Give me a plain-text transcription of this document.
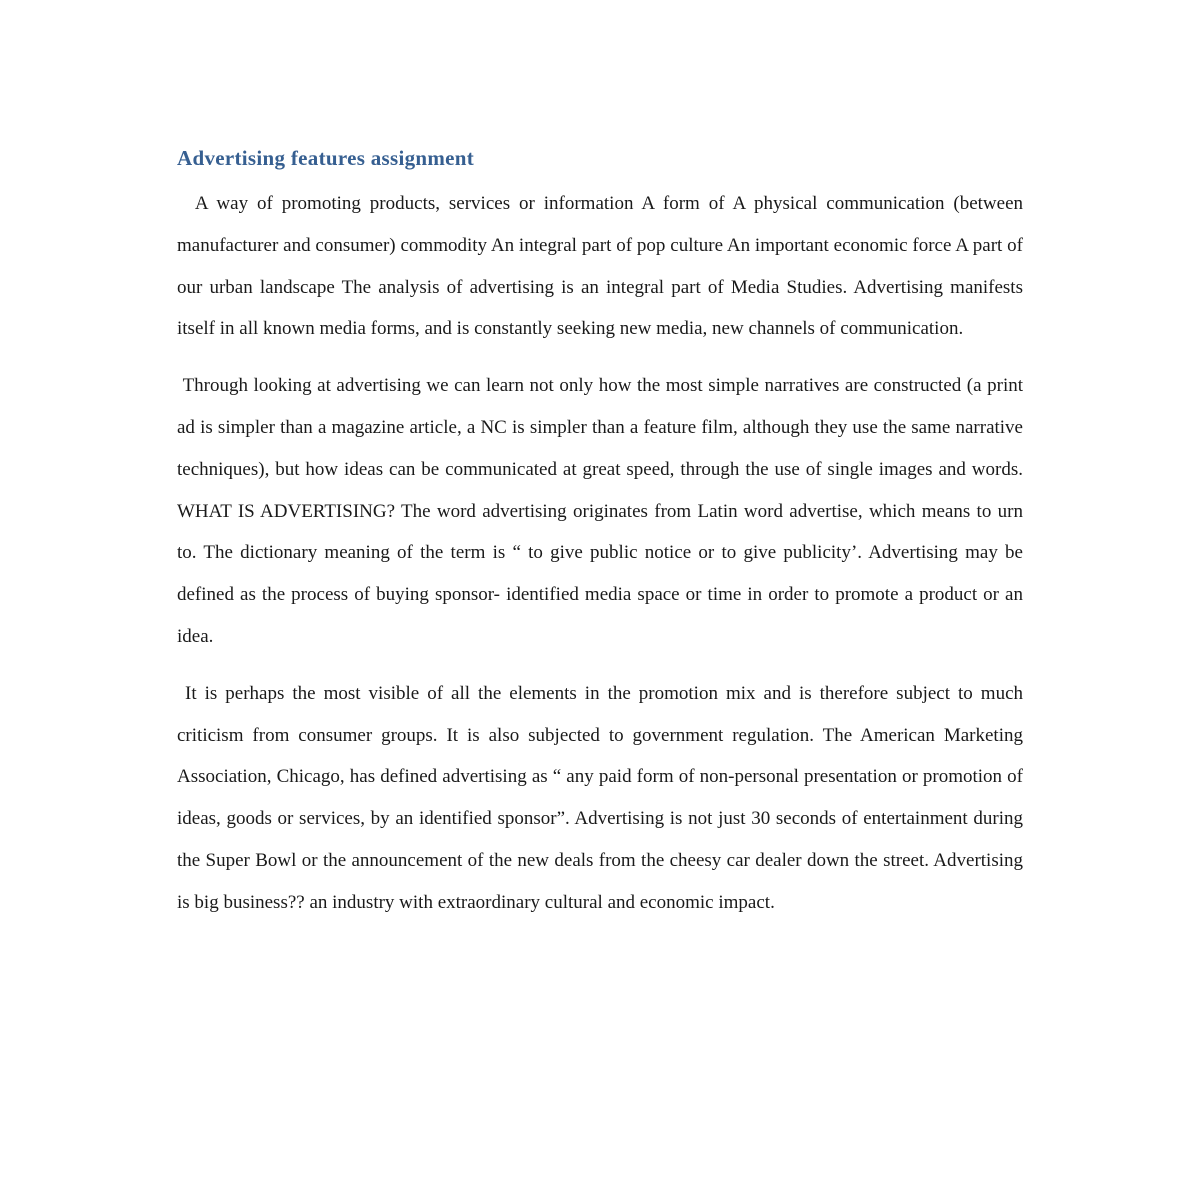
Advertising features assignment

A way of promoting products, services or information A form of A physical communication (between manufacturer and consumer) commodity An integral part of pop culture An important economic force A part of our urban landscape The analysis of advertising is an integral part of Media Studies. Advertising manifests itself in all known media forms, and is constantly seeking new media, new channels of communication.

Through looking at advertising we can learn not only how the most simple narratives are constructed (a print ad is simpler than a magazine article, a NC is simpler than a feature film, although they use the same narrative techniques), but how ideas can be communicated at great speed, through the use of single images and words. WHAT IS ADVERTISING? The word advertising originates from Latin word advertise, which means to urn to. The dictionary meaning of the term is “ to give public notice or to give publicity’. Advertising may be defined as the process of buying sponsor- identified media space or time in order to promote a product or an idea.

It is perhaps the most visible of all the elements in the promotion mix and is therefore subject to much criticism from consumer groups. It is also subjected to government regulation. The American Marketing Association, Chicago, has defined advertising as “ any paid form of non-personal presentation or promotion of ideas, goods or services, by an identified sponsor”. Advertising is not just 30 seconds of entertainment during the Super Bowl or the announcement of the new deals from the cheesy car dealer down the street. Advertising is big business?? an industry with extraordinary cultural and economic impact.
